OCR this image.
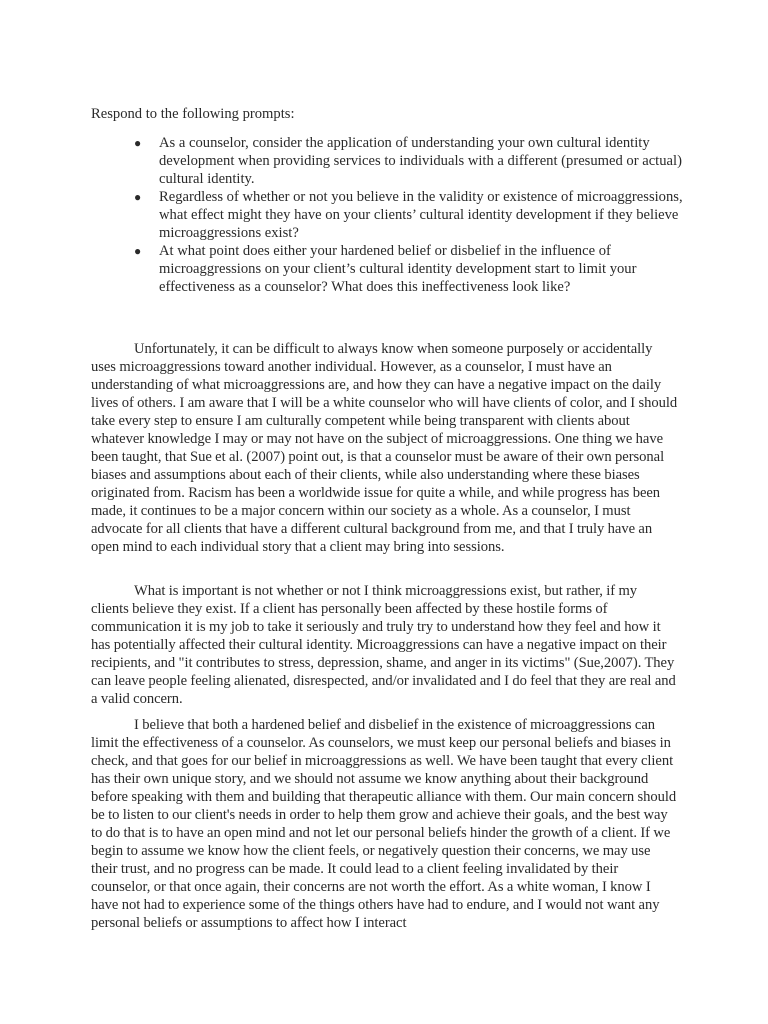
Respond to the following prompts:

● As a counselor, consider the application of understanding your own cultural identity development when providing services to individuals with a different (presumed or actual) cultural identity.
● Regardless of whether or not you believe in the validity or existence of microaggressions, what effect might they have on your clients’ cultural identity development if they believe microaggressions exist?
● At what point does either your hardened belief or disbelief in the influence of microaggressions on your client’s cultural identity development start to limit your effectiveness as a counselor? What does this ineffectiveness look like?

Unfortunately, it can be difficult to always know when someone purposely or accidentally uses microaggressions toward another individual. However, as a counselor, I must have an understanding of what microaggressions are, and how they can have a negative impact on the daily lives of others. I am aware that I will be a white counselor who will have clients of color, and I should take every step to ensure I am culturally competent while being transparent with clients about whatever knowledge I may or may not have on the subject of microaggressions. One thing we have been taught, that Sue et al. (2007) point out, is that a counselor must be aware of their own personal biases and assumptions about each of their clients, while also understanding where these biases originated from. Racism has been a worldwide issue for quite a while, and while progress has been made, it continues to be a major concern within our society as a whole. As a counselor, I must advocate for all clients that have a different cultural background from me, and that I truly have an open mind to each individual story that a client may bring into sessions.

What is important is not whether or not I think microaggressions exist, but rather, if my clients believe they exist. If a client has personally been affected by these hostile forms of communication it is my job to take it seriously and truly try to understand how they feel and how it has potentially affected their cultural identity. Microaggressions can have a negative impact on their recipients, and "it contributes to stress, depression, shame, and anger in its victims" (Sue,2007). They can leave people feeling alienated, disrespected, and/or invalidated and I do feel that they are real and a valid concern.

I believe that both a hardened belief and disbelief in the existence of microaggressions can limit the effectiveness of a counselor. As counselors, we must keep our personal beliefs and biases in check, and that goes for our belief in microaggressions as well. We have been taught that every client has their own unique story, and we should not assume we know anything about their background before speaking with them and building that therapeutic alliance with them. Our main concern should be to listen to our client's needs in order to help them grow and achieve their goals, and the best way to do that is to have an open mind and not let our personal beliefs hinder the growth of a client. If we begin to assume we know how the client feels, or negatively question their concerns, we may use their trust, and no progress can be made. It could lead to a client feeling invalidated by their counselor, or that once again, their concerns are not worth the effort. As a white woman, I know I have not had to experience some of the things others have had to endure, and I would not want any personal beliefs or assumptions to affect how I interact
